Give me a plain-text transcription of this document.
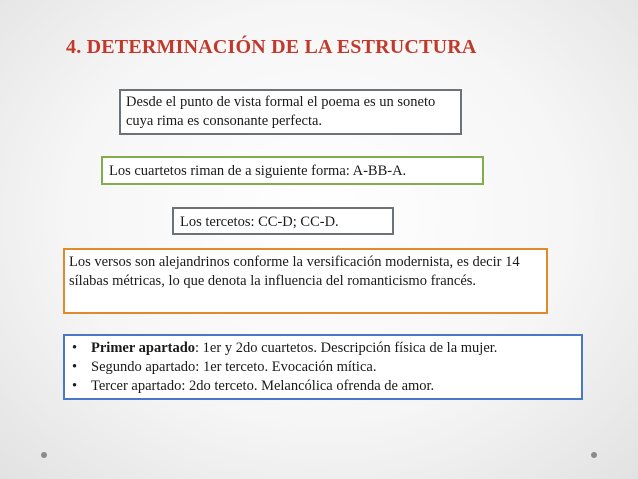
4. DETERMINACIÓN DE LA ESTRUCTURA
Desde el punto de vista formal el poema es un soneto cuya rima es consonante perfecta.
Los cuartetos riman de a siguiente forma: A-BB-A.
Los tercetos: CC-D; CC-D.
Los versos son alejandrinos conforme la versificación modernista, es decir 14 sílabas métricas, lo que denota la influencia del romanticismo francés.
• Primer apartado: 1er y 2do cuartetos. Descripción física de la mujer.
• Segundo apartado: 1er terceto. Evocación mítica.
• Tercer apartado: 2do terceto. Melancólica ofrenda de amor.
